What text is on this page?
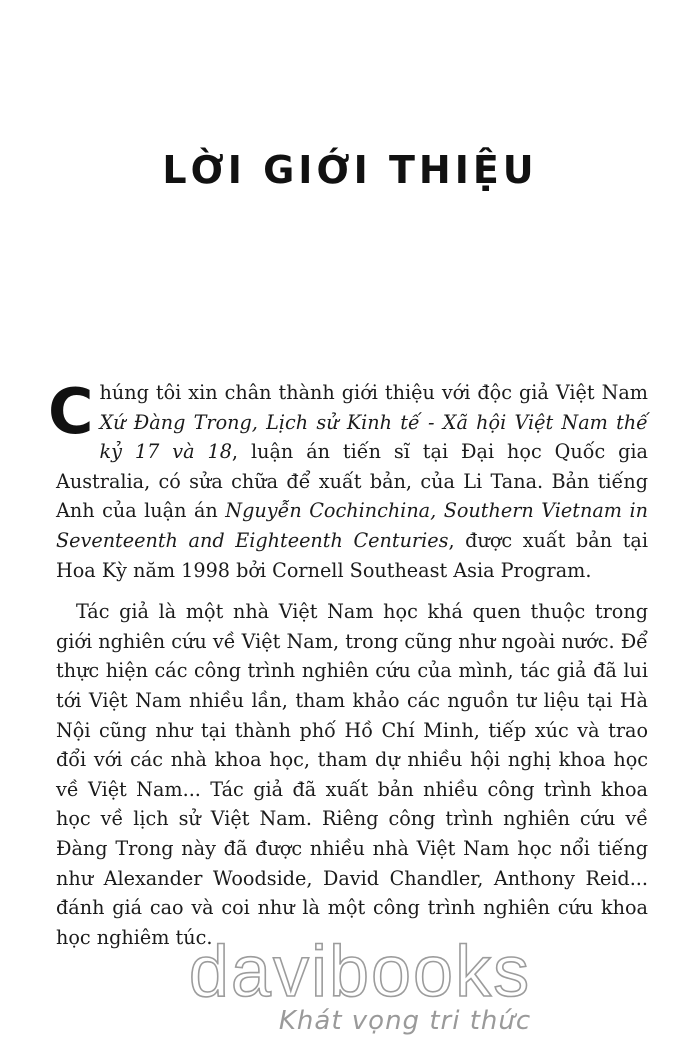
LỜI GIỚI THIỆU

Chúng tôi xin chân thành giới thiệu với độc giả Việt Nam Xứ Đàng Trong, Lịch sử Kinh tế - Xã hội Việt Nam thế kỷ 17 và 18, luận án tiến sĩ tại Đại học Quốc gia Australia, có sửa chữa để xuất bản, của Li Tana. Bản tiếng Anh của luận án Nguyễn Cochinchina, Southern Vietnam in Seventeenth and Eighteenth Centuries, được xuất bản tại Hoa Kỳ năm 1998 bởi Cornell Southeast Asia Program.

Tác giả là một nhà Việt Nam học khá quen thuộc trong giới nghiên cứu về Việt Nam, trong cũng như ngoài nước. Để thực hiện các công trình nghiên cứu của mình, tác giả đã lui tới Việt Nam nhiều lần, tham khảo các nguồn tư liệu tại Hà Nội cũng như tại thành phố Hồ Chí Minh, tiếp xúc và trao đổi với các nhà khoa học, tham dự nhiều hội nghị khoa học về Việt Nam... Tác giả đã xuất bản nhiều công trình khoa học về lịch sử Việt Nam. Riêng công trình nghiên cứu về Đàng Trong này đã được nhiều nhà Việt Nam học nổi tiếng như Alexander Woodside, David Chandler, Anthony Reid... đánh giá cao và coi như là một công trình nghiên cứu khoa học nghiêm túc.

davibooks
Khát vọng tri thức
